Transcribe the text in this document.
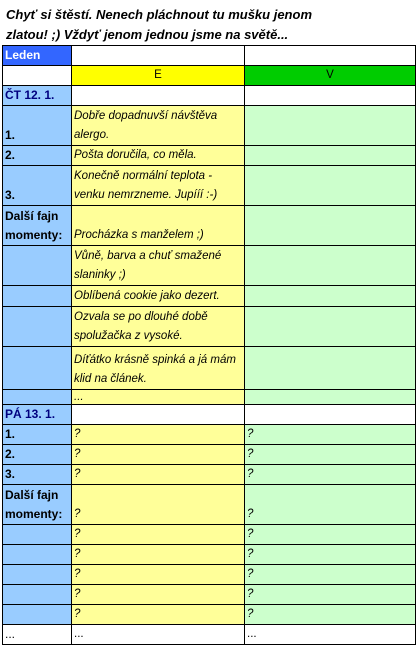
Chyť si štěstí. Nenech pláchnout tu mušku jenom
zlatou! ;) Vždyť jenom jednou jsme na světě...
Leden		
	E	V
ČT 12. 1.		
1.	Dobře dopadnuvší návštěva alergo.	
2.	Pošta doručila, co měla.	
3.	Konečně normální teplota - venku nemrzneme. Jupííí :-)	
Další fajn momenty:	Procházka s manželem ;)	
	Vůně, barva a chuť smažené slaninky ;)	
	Oblíbená cookie jako dezert.	
	Ozvala se po dlouhé době spolužačka z vysoké.	
	Díťátko krásně spinká a já mám klid na článek.	
	...	
PÁ 13. 1.		
1.	?	?
2.	?	?
3.	?	?
Další fajn momenty:	?	?
	?	?
	?	?
	?	?
	?	?
	?	?
...	...	...
